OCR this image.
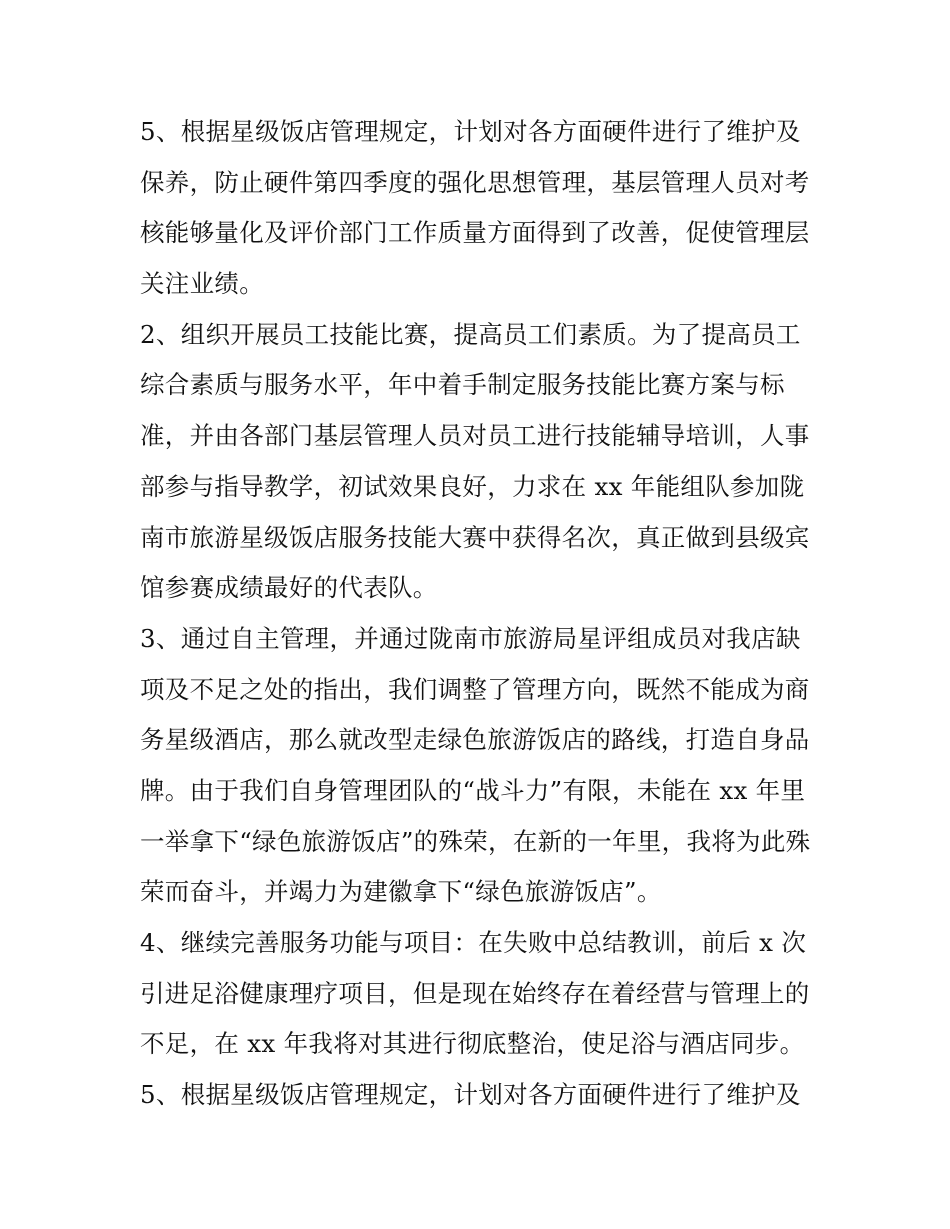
5、根据星级饭店管理规定，计划对各方面硬件进行了维护及
保养，防止硬件第四季度的强化思想管理，基层管理人员对考
核能够量化及评价部门工作质量方面得到了改善，促使管理层
关注业绩。
2、组织开展员工技能比赛，提高员工们素质。为了提高员工
综合素质与服务水平，年中着手制定服务技能比赛方案与标
准，并由各部门基层管理人员对员工进行技能辅导培训，人事
部参与指导教学，初试效果良好，力求在 xx 年能组队参加陇
南市旅游星级饭店服务技能大赛中获得名次，真正做到县级宾
馆参赛成绩最好的代表队。
3、通过自主管理，并通过陇南市旅游局星评组成员对我店缺
项及不足之处的指出，我们调整了管理方向，既然不能成为商
务星级酒店，那么就改型走绿色旅游饭店的路线，打造自身品
牌。由于我们自身管理团队的“战斗力”有限，未能在 xx 年里
一举拿下“绿色旅游饭店”的殊荣，在新的一年里，我将为此殊
荣而奋斗，并竭力为建徽拿下“绿色旅游饭店”。
4、继续完善服务功能与项目：在失败中总结教训，前后 x 次
引进足浴健康理疗项目，但是现在始终存在着经营与管理上的
不足，在 xx 年我将对其进行彻底整治，使足浴与酒店同步。
5、根据星级饭店管理规定，计划对各方面硬件进行了维护及
